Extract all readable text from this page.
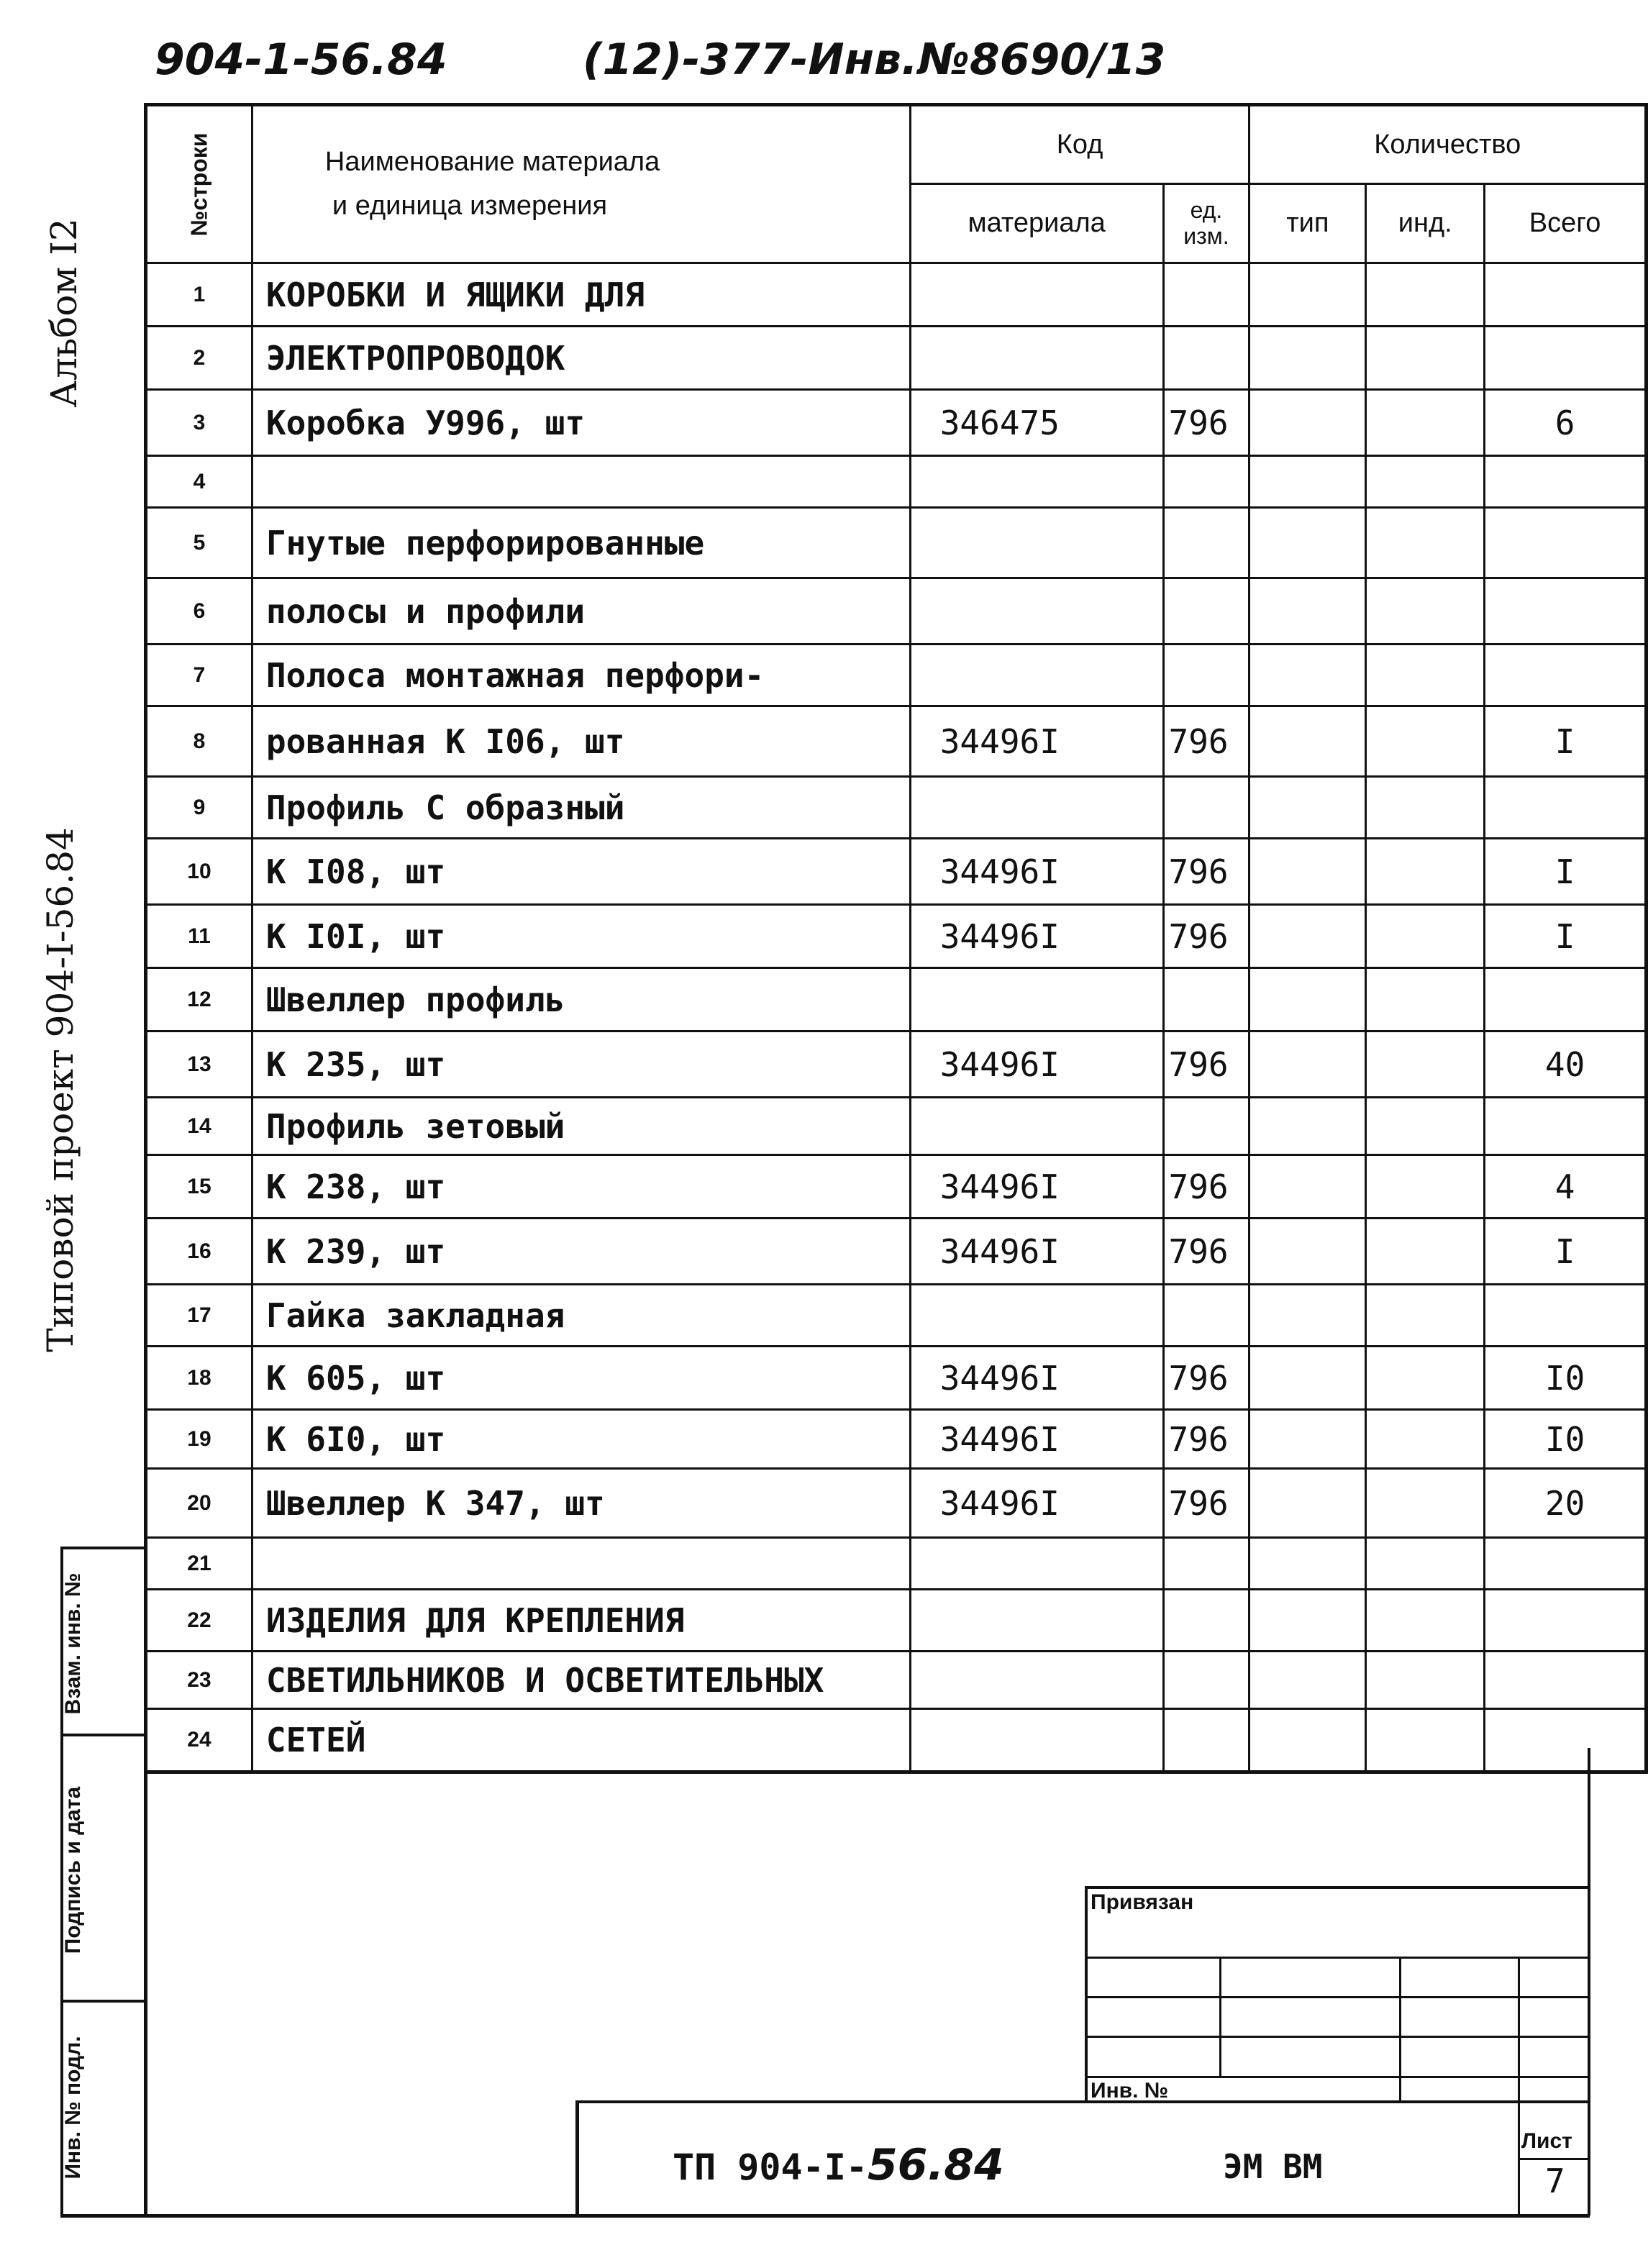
904-1-56.84	(12)-377-Инв.№8690/13
Альбом I2
Типовой проект 904-I-56.84
Взам. инв. №
Подпись и дата
Инв. № подл.
№строки	Наименование материала
и единица измерения	Код		Количество		
		материала	ед. изм.	тип	инд.	Всего
1	КОРОБКИ И ЯЩИКИ ДЛЯ					
2	ЭЛЕКТРОПРОВОДОК					
3	Коробка У996, шт	346475	796			6
4						
5	Гнутые перфорированные					
6	полосы и профили					
7	Полоса монтажная перфори-					
8	рованная К I06, шт	34496I	796			I
9	Профиль С образный					
10	К I08, шт	34496I	796			I
11	К I0I, шт	34496I	796			I
12	Швеллер профиль					
13	К 235, шт	34496I	796			40
14	Профиль зетовый					
15	К 238, шт	34496I	796			4
16	К 239, шт	34496I	796			I
17	Гайка закладная					
18	К 605, шт	34496I	796			I0
19	К 6I0, шт	34496I	796			I0
20	Швеллер К 347, шт	34496I	796			20
21						
22	ИЗДЕЛИЯ ДЛЯ КРЕПЛЕНИЯ					
23	СВЕТИЛЬНИКОВ И ОСВЕТИТЕЛЬНЫХ					
24	СЕТЕЙ					
Привязан
Инв. №
ТП 904-I-56.84	ЭМ ВМ
Лист
7
